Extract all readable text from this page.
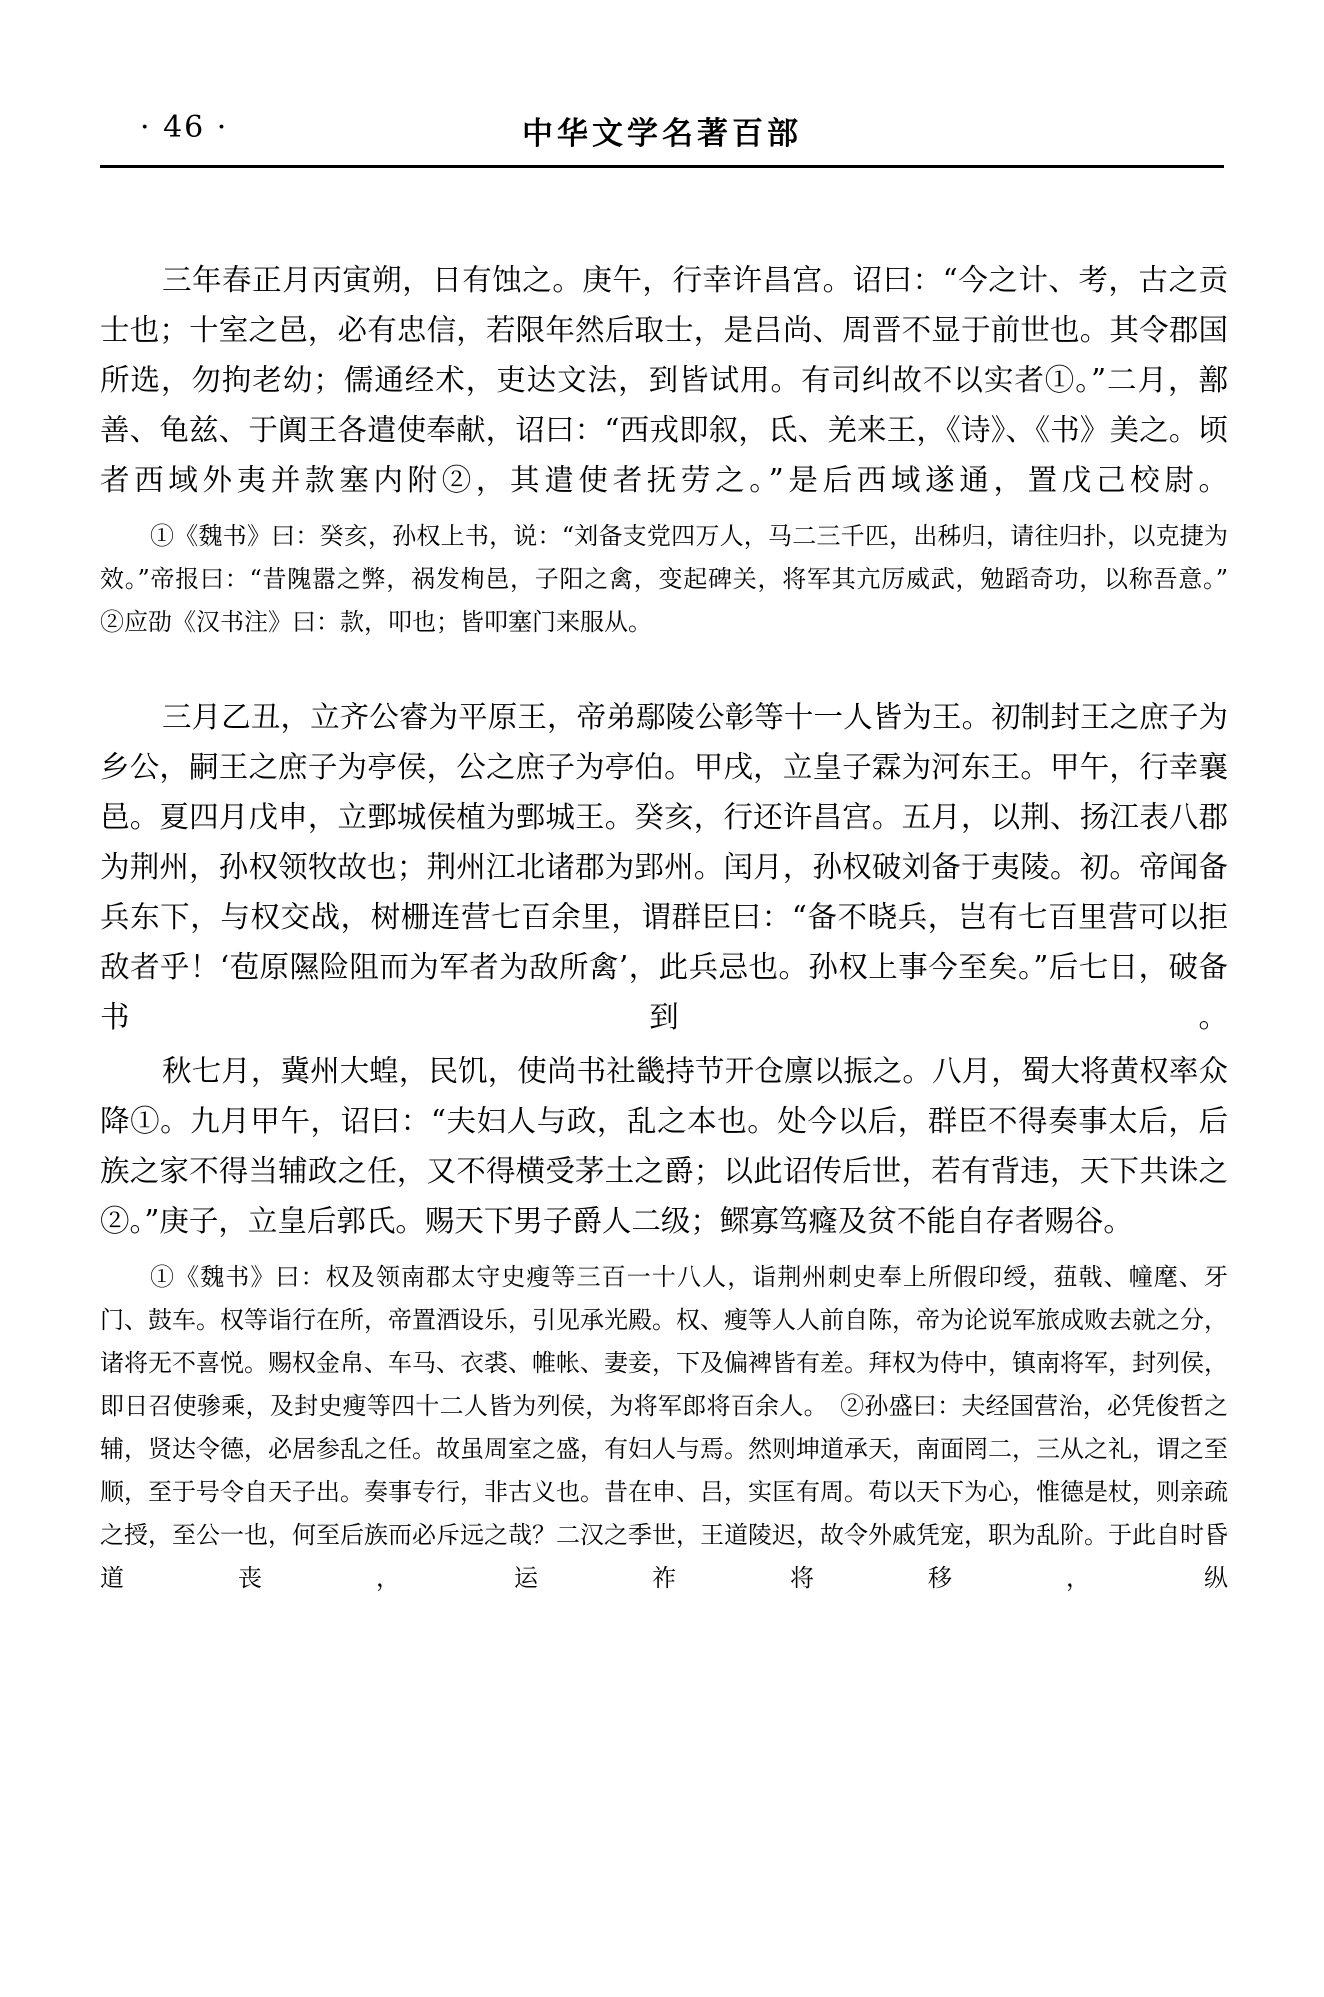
· 46 ·	中华文学名著百部

三年春正月丙寅朔，日有蚀之。庚午，行幸许昌宫。诏曰：“今之计、考，古之贡士也；十室之邑，必有忠信，若限年然后取士，是吕尚、周晋不显于前世也。其令郡国所选，勿拘老幼；儒通经术，吏达文法，到皆试用。有司纠故不以实者①。”二月，鄯善、龟兹、于阗王各遣使奉献，诏曰：“西戎即叙，氐、羌来王，《诗》、《书》美之。顷者西域外夷并款塞内附②，其遣使者抚劳之。”是后西域遂通，置戊己校尉。

①《魏书》曰：癸亥，孙权上书，说：“刘备支党四万人，马二三千匹，出秭归，请往归扑，以克捷为效。”帝报曰：“昔隗嚣之弊，祸发栒邑，子阳之禽，变起碑关，将军其亢厉威武，勉蹈奇功，以称吾意。”　②应劭《汉书注》曰：款，叩也；皆叩塞门来服从。

三月乙丑，立齐公睿为平原王，帝弟鄢陵公彰等十一人皆为王。初制封王之庶子为乡公，嗣王之庶子为亭侯，公之庶子为亭伯。甲戌，立皇子霖为河东王。甲午，行幸襄邑。夏四月戊申，立鄄城侯植为鄄城王。癸亥，行还许昌宫。五月，以荆、扬江表八郡为荆州，孙权领牧故也；荆州江北诸郡为郢州。闰月，孙权破刘备于夷陵。初。帝闻备兵东下，与权交战，树栅连营七百余里，谓群臣曰：“备不晓兵，岂有七百里营可以拒敌者乎！‘苞原隰险阻而为军者为敌所禽’，此兵忌也。孙权上事今至矣。”后七日，破备书到。

秋七月，冀州大蝗，民饥，使尚书社畿持节开仓廪以振之。八月，蜀大将黄权率众降①。九月甲午，诏曰：“夫妇人与政，乱之本也。处今以后，群臣不得奏事太后，后族之家不得当辅政之任，又不得横受茅土之爵；以此诏传后世，若有背违，天下共诛之②。”庚子，立皇后郭氏。赐天下男子爵人二级；鳏寡笃癃及贫不能自存者赐谷。

①《魏书》曰：权及领南郡太守史瘦等三百一十八人，诣荆州刺史奉上所假印绶，莥戟、幢麾、牙门、鼓车。权等诣行在所，帝置酒设乐，引见承光殿。权、瘦等人人前自陈，帝为论说军旅成败去就之分，诸将无不喜悦。赐权金帛、车马、衣裘、帷帐、妻妾，下及偏裨皆有差。拜权为侍中，镇南将军，封列侯，即日召使骖乘，及封史瘦等四十二人皆为列侯，为将军郎将百余人。　②孙盛曰：夫经国营治，必凭俊哲之辅，贤达令德，必居参乱之任。故虽周室之盛，有妇人与焉。然则坤道承天，南面罔二，三从之礼，谓之至顺，至于号令自天子出。奏事专行，非古义也。昔在申、吕，实匡有周。苟以天下为心，惟德是杖，则亲疏之授，至公一也，何至后族而必斥远之哉？二汉之季世，王道陵迟，故令外戚凭宠，职为乱阶。于此自时昏道丧，运祚将移，纵
